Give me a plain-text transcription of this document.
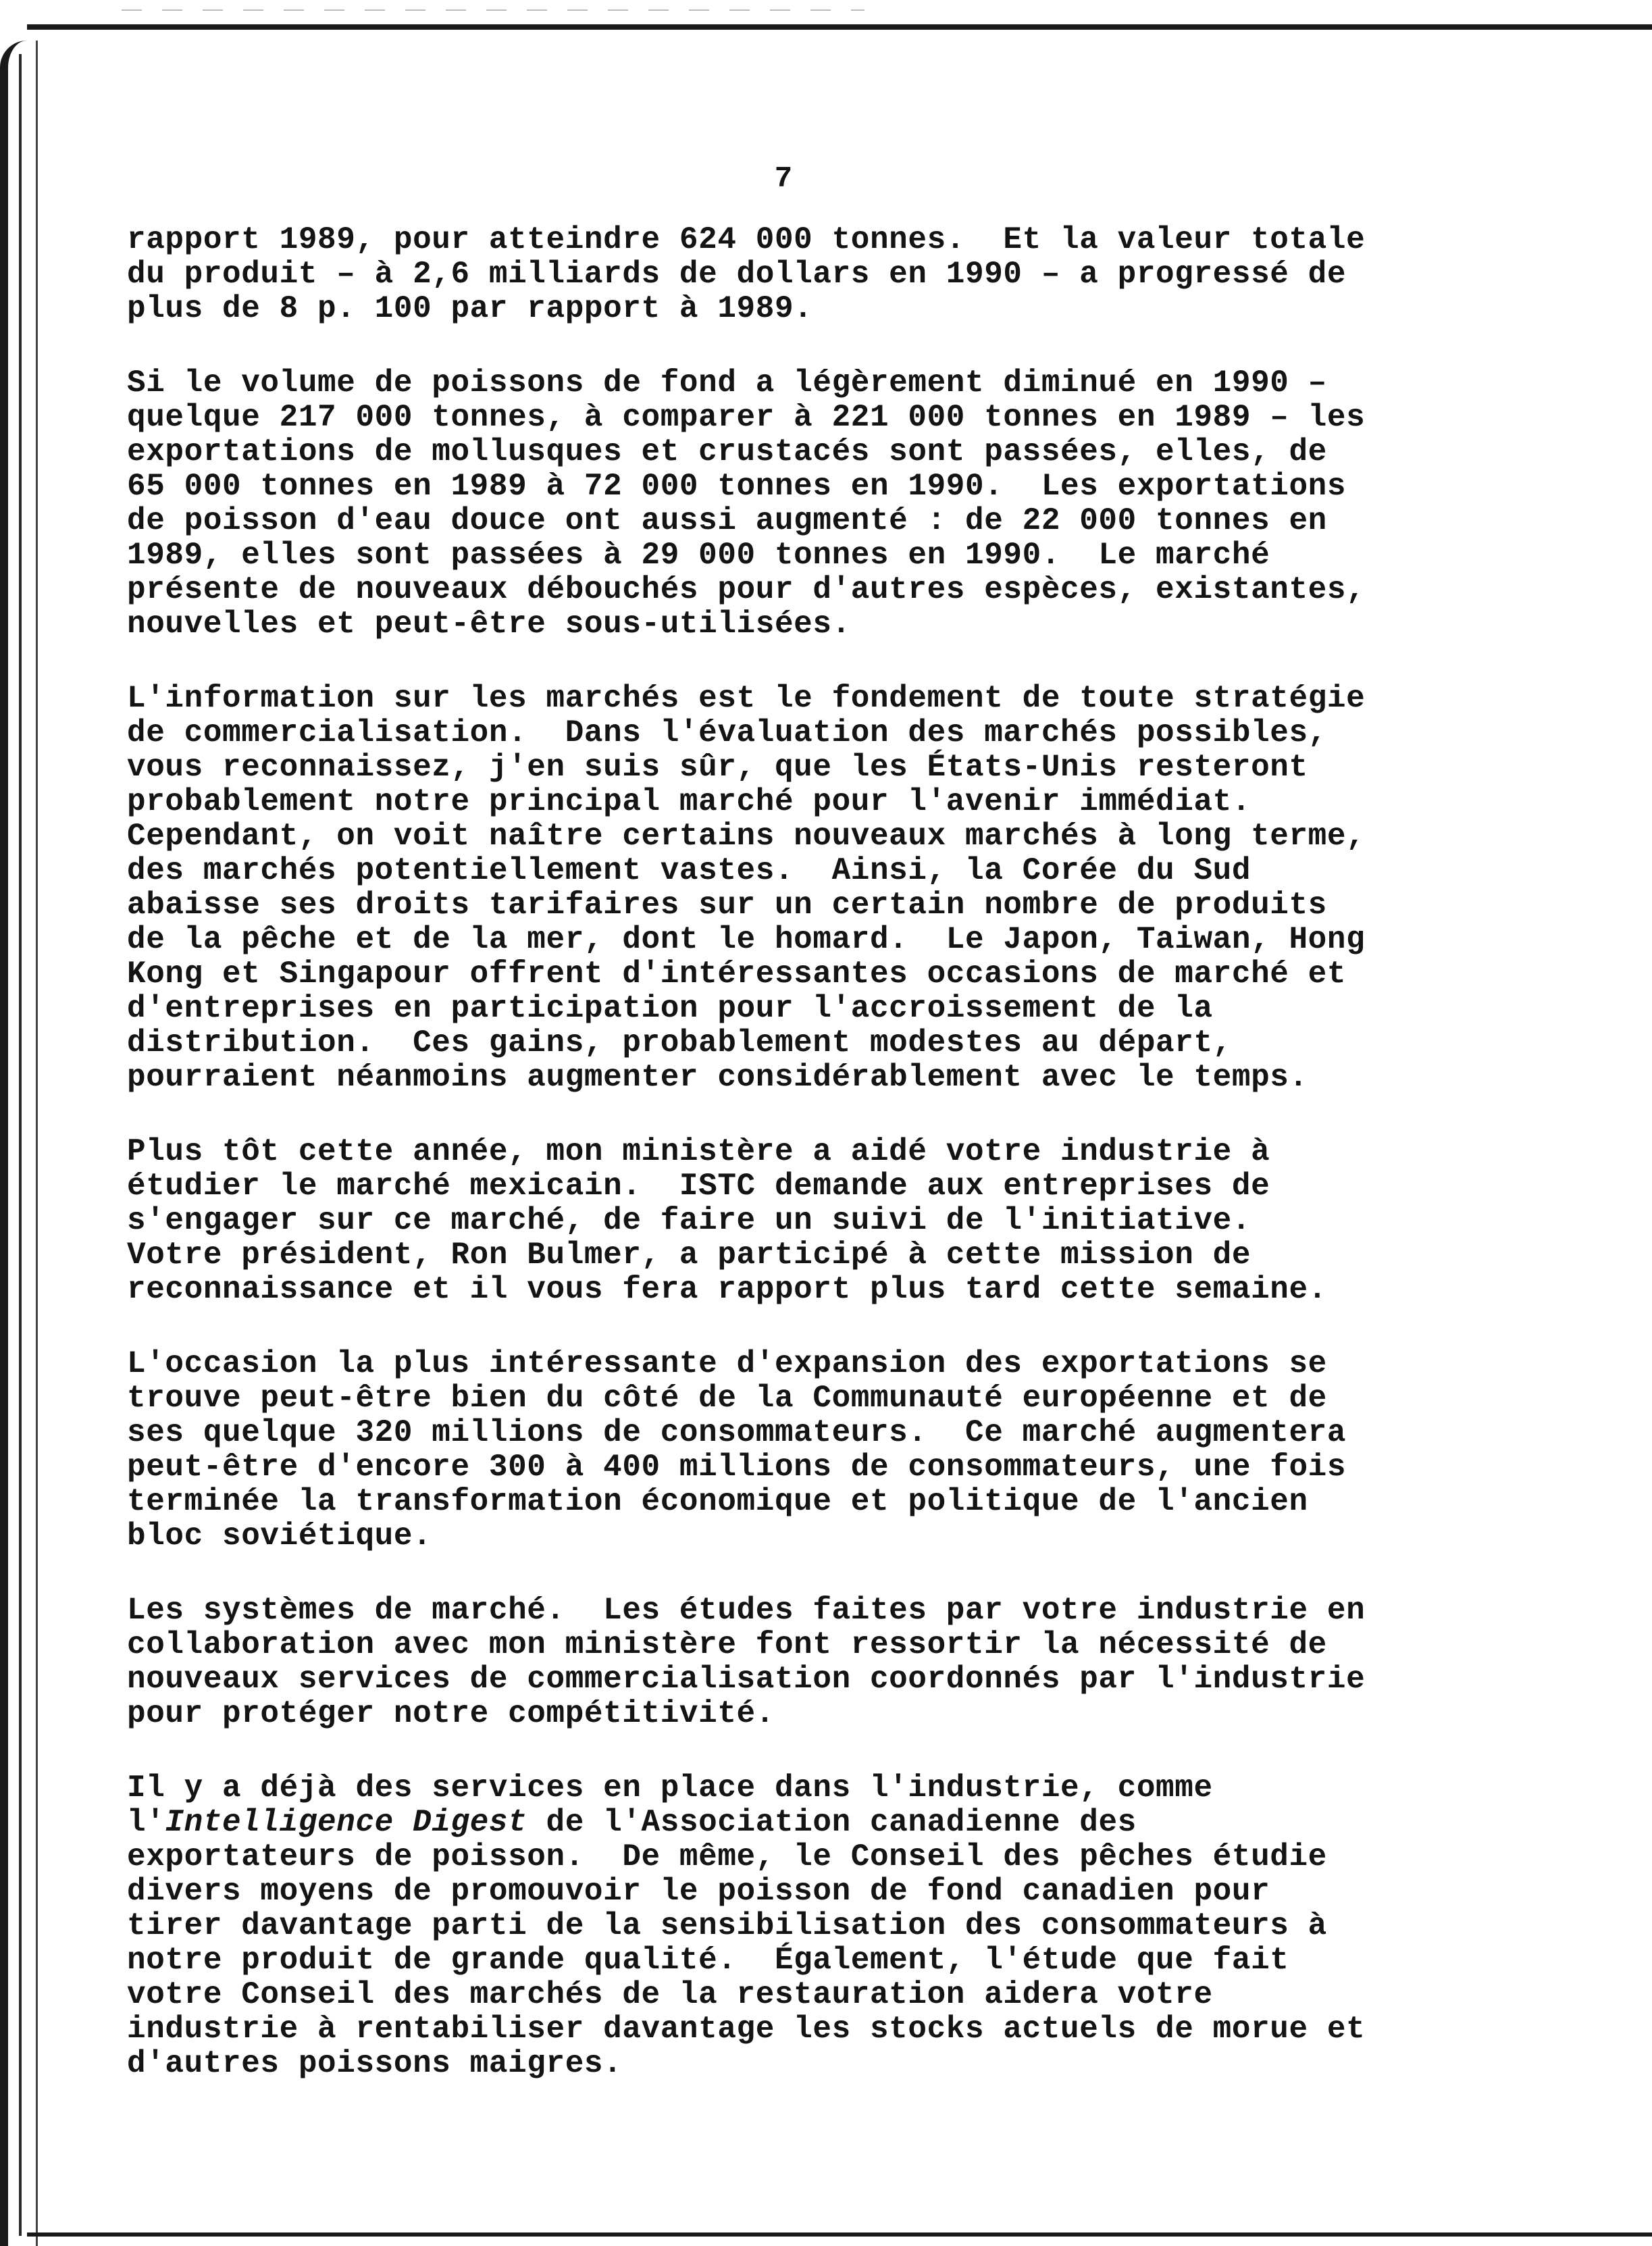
7
rapport 1989, pour atteindre 624 000 tonnes.  Et la valeur totale
du produit – à 2,6 milliards de dollars en 1990 – a progressé de
plus de 8 p. 100 par rapport à 1989.
Si le volume de poissons de fond a légèrement diminué en 1990 –
quelque 217 000 tonnes, à comparer à 221 000 tonnes en 1989 – les
exportations de mollusques et crustacés sont passées, elles, de
65 000 tonnes en 1989 à 72 000 tonnes en 1990.  Les exportations
de poisson d'eau douce ont aussi augmenté : de 22 000 tonnes en
1989, elles sont passées à 29 000 tonnes en 1990.  Le marché
présente de nouveaux débouchés pour d'autres espèces, existantes,
nouvelles et peut-être sous-utilisées.
L'information sur les marchés est le fondement de toute stratégie
de commercialisation.  Dans l'évaluation des marchés possibles,
vous reconnaissez, j'en suis sûr, que les États-Unis resteront
probablement notre principal marché pour l'avenir immédiat.
Cependant, on voit naître certains nouveaux marchés à long terme,
des marchés potentiellement vastes.  Ainsi, la Corée du Sud
abaisse ses droits tarifaires sur un certain nombre de produits
de la pêche et de la mer, dont le homard.  Le Japon, Taiwan, Hong
Kong et Singapour offrent d'intéressantes occasions de marché et
d'entreprises en participation pour l'accroissement de la
distribution.  Ces gains, probablement modestes au départ,
pourraient néanmoins augmenter considérablement avec le temps.
Plus tôt cette année, mon ministère a aidé votre industrie à
étudier le marché mexicain.  ISTC demande aux entreprises de
s'engager sur ce marché, de faire un suivi de l'initiative.
Votre président, Ron Bulmer, a participé à cette mission de
reconnaissance et il vous fera rapport plus tard cette semaine.
L'occasion la plus intéressante d'expansion des exportations se
trouve peut-être bien du côté de la Communauté européenne et de
ses quelque 320 millions de consommateurs.  Ce marché augmentera
peut-être d'encore 300 à 400 millions de consommateurs, une fois
terminée la transformation économique et politique de l'ancien
bloc soviétique.
Les systèmes de marché.  Les études faites par votre industrie en
collaboration avec mon ministère font ressortir la nécessité de
nouveaux services de commercialisation coordonnés par l'industrie
pour protéger notre compétitivité.
Il y a déjà des services en place dans l'industrie, comme
l'Intelligence Digest de l'Association canadienne des
exportateurs de poisson.  De même, le Conseil des pêches étudie
divers moyens de promouvoir le poisson de fond canadien pour
tirer davantage parti de la sensibilisation des consommateurs à
notre produit de grande qualité.  Également, l'étude que fait
votre Conseil des marchés de la restauration aidera votre
industrie à rentabiliser davantage les stocks actuels de morue et
d'autres poissons maigres.
